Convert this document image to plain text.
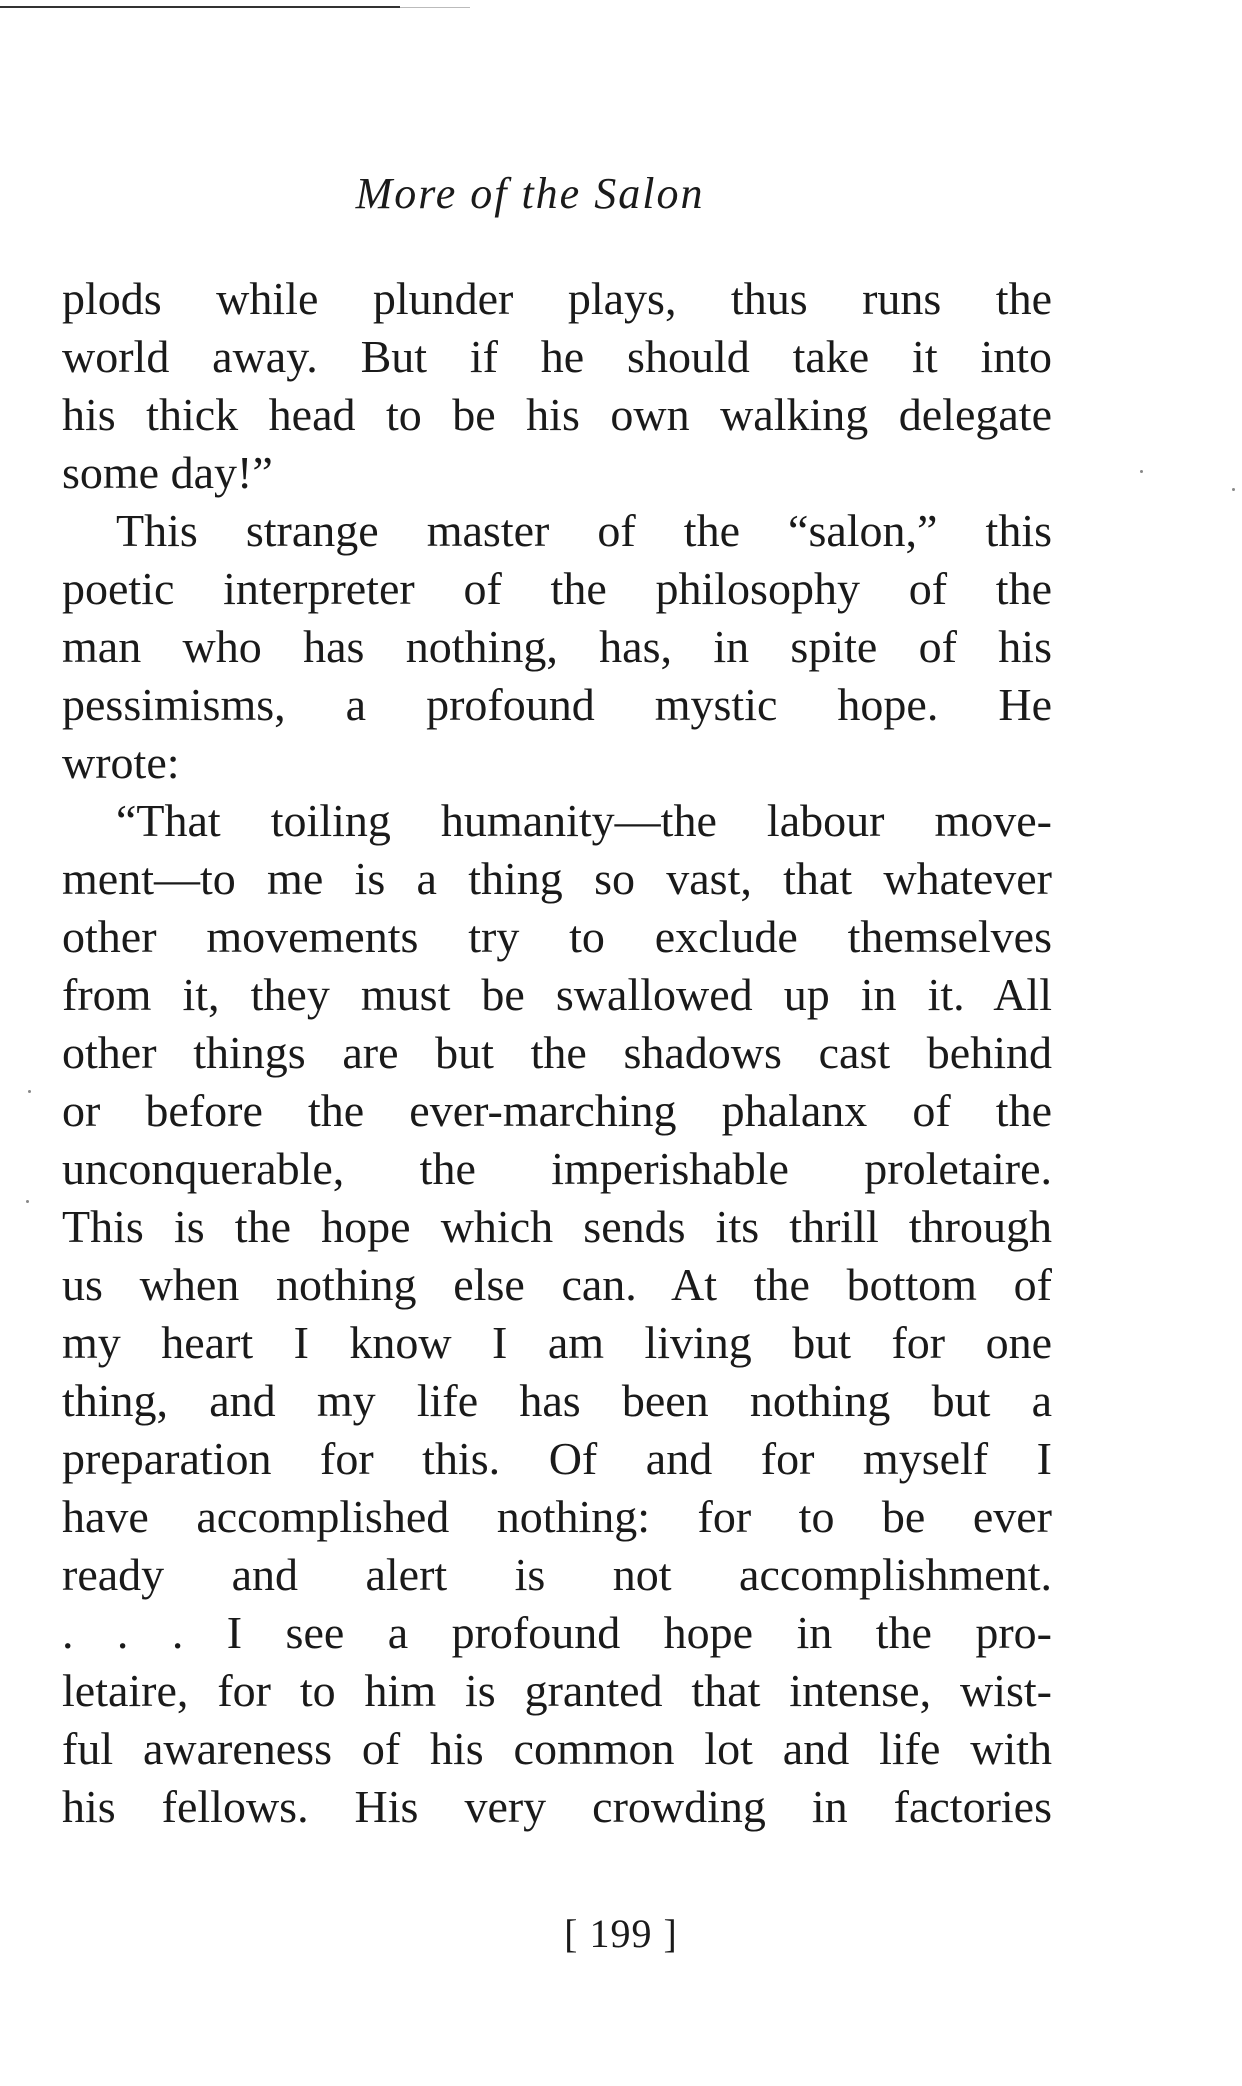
More of the Salon
plods while plunder plays, thus runs the
world away. But if he should take it into
his thick head to be his own walking delegate
some day!”
This strange master of the “salon,” this
poetic interpreter of the philosophy of the
man who has nothing, has, in spite of his
pessimisms, a profound mystic hope. He
wrote:
“That toiling humanity—the labour move-
ment—to me is a thing so vast, that whatever
other movements try to exclude themselves
from it, they must be swallowed up in it. All
other things are but the shadows cast behind
or before the ever-marching phalanx of the
unconquerable, the imperishable proletaire.
This is the hope which sends its thrill through
us when nothing else can. At the bottom of
my heart I know I am living but for one
thing, and my life has been nothing but a
preparation for this. Of and for myself I
have accomplished nothing: for to be ever
ready and alert is not accomplishment.
. . . I see a profound hope in the pro-
letaire, for to him is granted that intense, wist-
ful awareness of his common lot and life with
his fellows. His very crowding in factories
[ 199 ]
